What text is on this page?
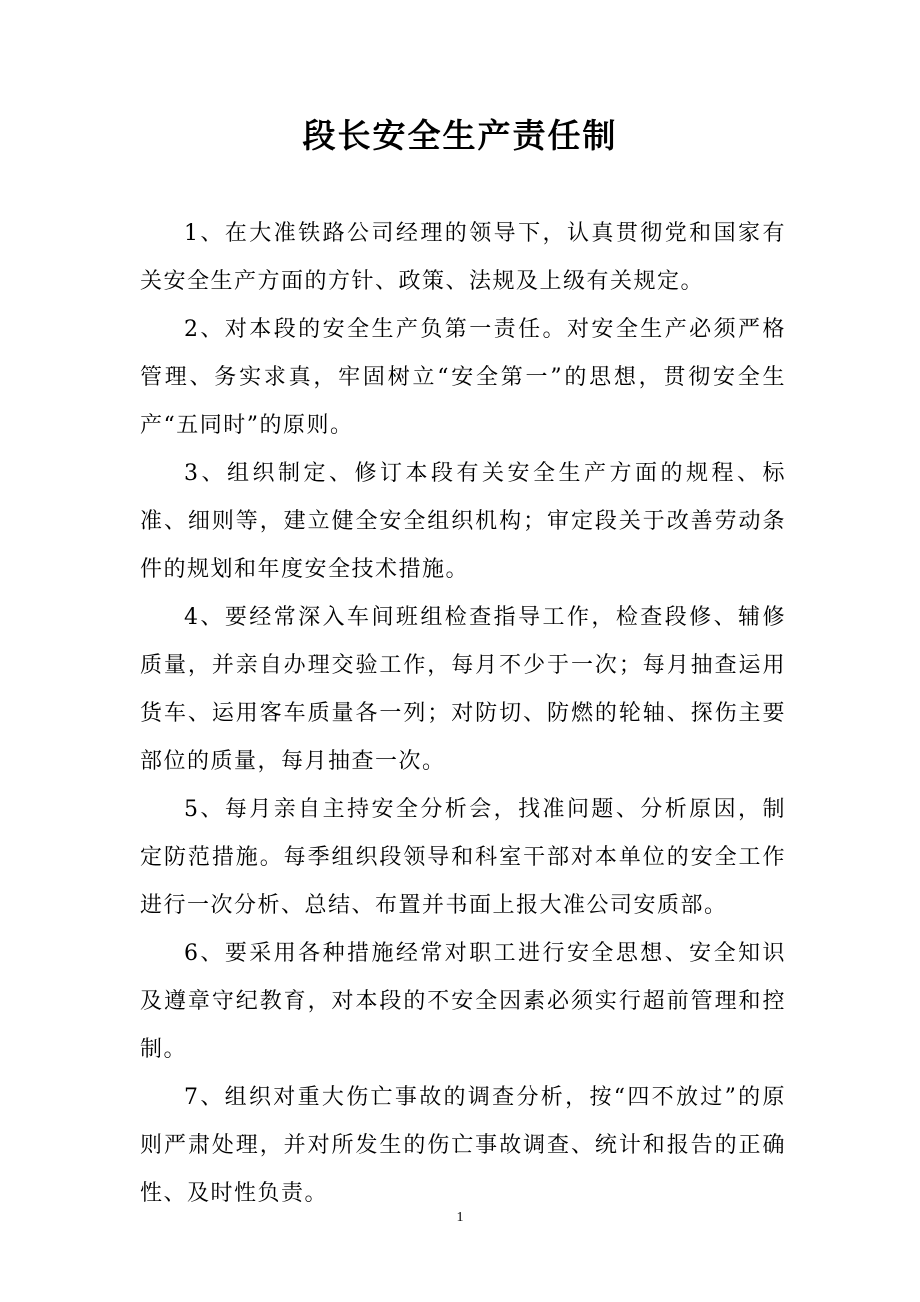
段长安全生产责任制

1、在大准铁路公司经理的领导下，认真贯彻党和国家有关安全生产方面的方针、政策、法规及上级有关规定。

2、对本段的安全生产负第一责任。对安全生产必须严格管理、务实求真，牢固树立“安全第一”的思想，贯彻安全生产“五同时”的原则。

3、组织制定、修订本段有关安全生产方面的规程、标准、细则等，建立健全安全组织机构；审定段关于改善劳动条件的规划和年度安全技术措施。

4、要经常深入车间班组检查指导工作，检查段修、辅修质量，并亲自办理交验工作，每月不少于一次；每月抽查运用货车、运用客车质量各一列；对防切、防燃的轮轴、探伤主要部位的质量，每月抽查一次。

5、每月亲自主持安全分析会，找准问题、分析原因，制定防范措施。每季组织段领导和科室干部对本单位的安全工作进行一次分析、总结、布置并书面上报大准公司安质部。

6、要采用各种措施经常对职工进行安全思想、安全知识及遵章守纪教育，对本段的不安全因素必须实行超前管理和控制。

7、组织对重大伤亡事故的调查分析，按“四不放过”的原则严肃处理，并对所发生的伤亡事故调查、统计和报告的正确性、及时性负责。

1
